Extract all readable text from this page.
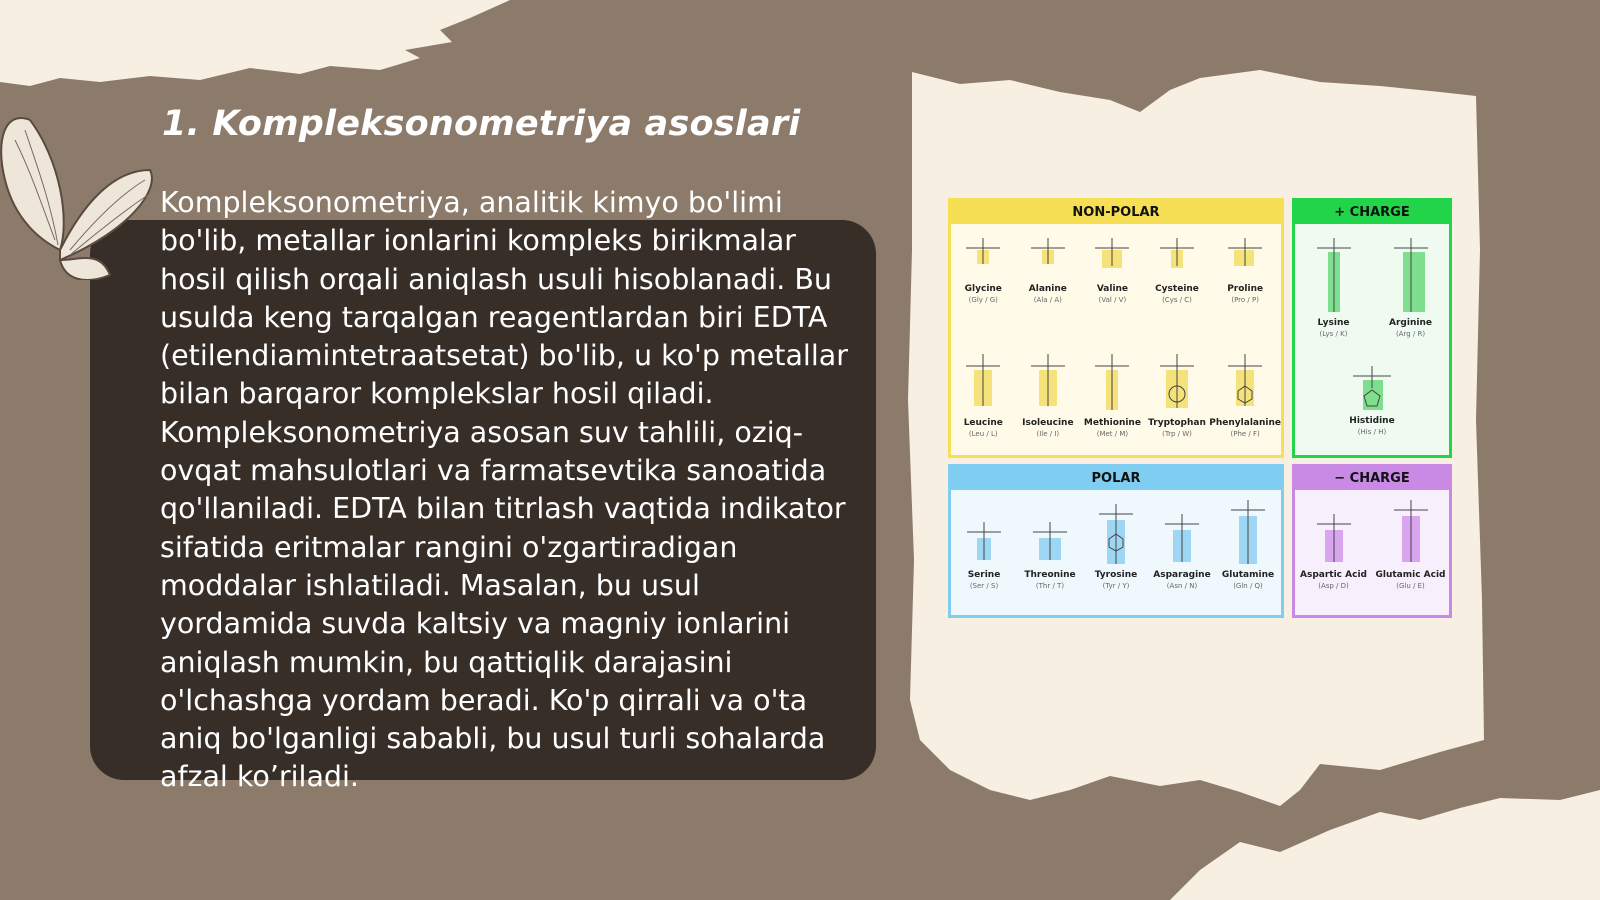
1. Kompleksonometriya asoslari

Kompleksonometriya, analitik kimyo bo'limi bo'lib, metallar ionlarini kompleks birikmalar hosil qilish orqali aniqlash usuli hisoblanadi. Bu usulda keng tarqalgan reagentlardan biri EDTA (etilendiamintetraatsetat) bo'lib, u ko'p metallar bilan barqaror komplekslar hosil qiladi. Kompleksonometriya asosan suv tahlili, oziq-ovqat mahsulotlari va farmatsevtika sanoatida qo'llaniladi. EDTA bilan titrlash vaqtida indikator sifatida eritmalar rangini o'zgartiradigan moddalar ishlatiladi. Masalan, bu usul yordamida suvda kaltsiy va magniy ionlarini aniqlash mumkin, bu qattiqlik darajasini o'lchashga yordam beradi. Ko'p qirrali va o'ta aniq bo'lganligi sababli, bu usul turli sohalarda afzal ko’riladi.

NON-POLAR
Glycine
(Gly / G)
Alanine
(Ala / A)
Valine
(Val / V)
Cysteine
(Cys / C)
Proline
(Pro / P)
Leucine
(Leu / L)
Isoleucine
(Ile / I)
Methionine
(Met / M)
Tryptophan
(Trp / W)
Phenylalanine
(Phe / F)
+ CHARGE
Lysine
(Lys / K)
Arginine
(Arg / R)
Histidine
(His / H)
POLAR
Serine
(Ser / S)
Threonine
(Thr / T)
Tyrosine
(Tyr / Y)
Asparagine
(Asn / N)
Glutamine
(Gln / Q)
− CHARGE
Aspartic Acid
(Asp / D)
Glutamic Acid
(Glu / E)
